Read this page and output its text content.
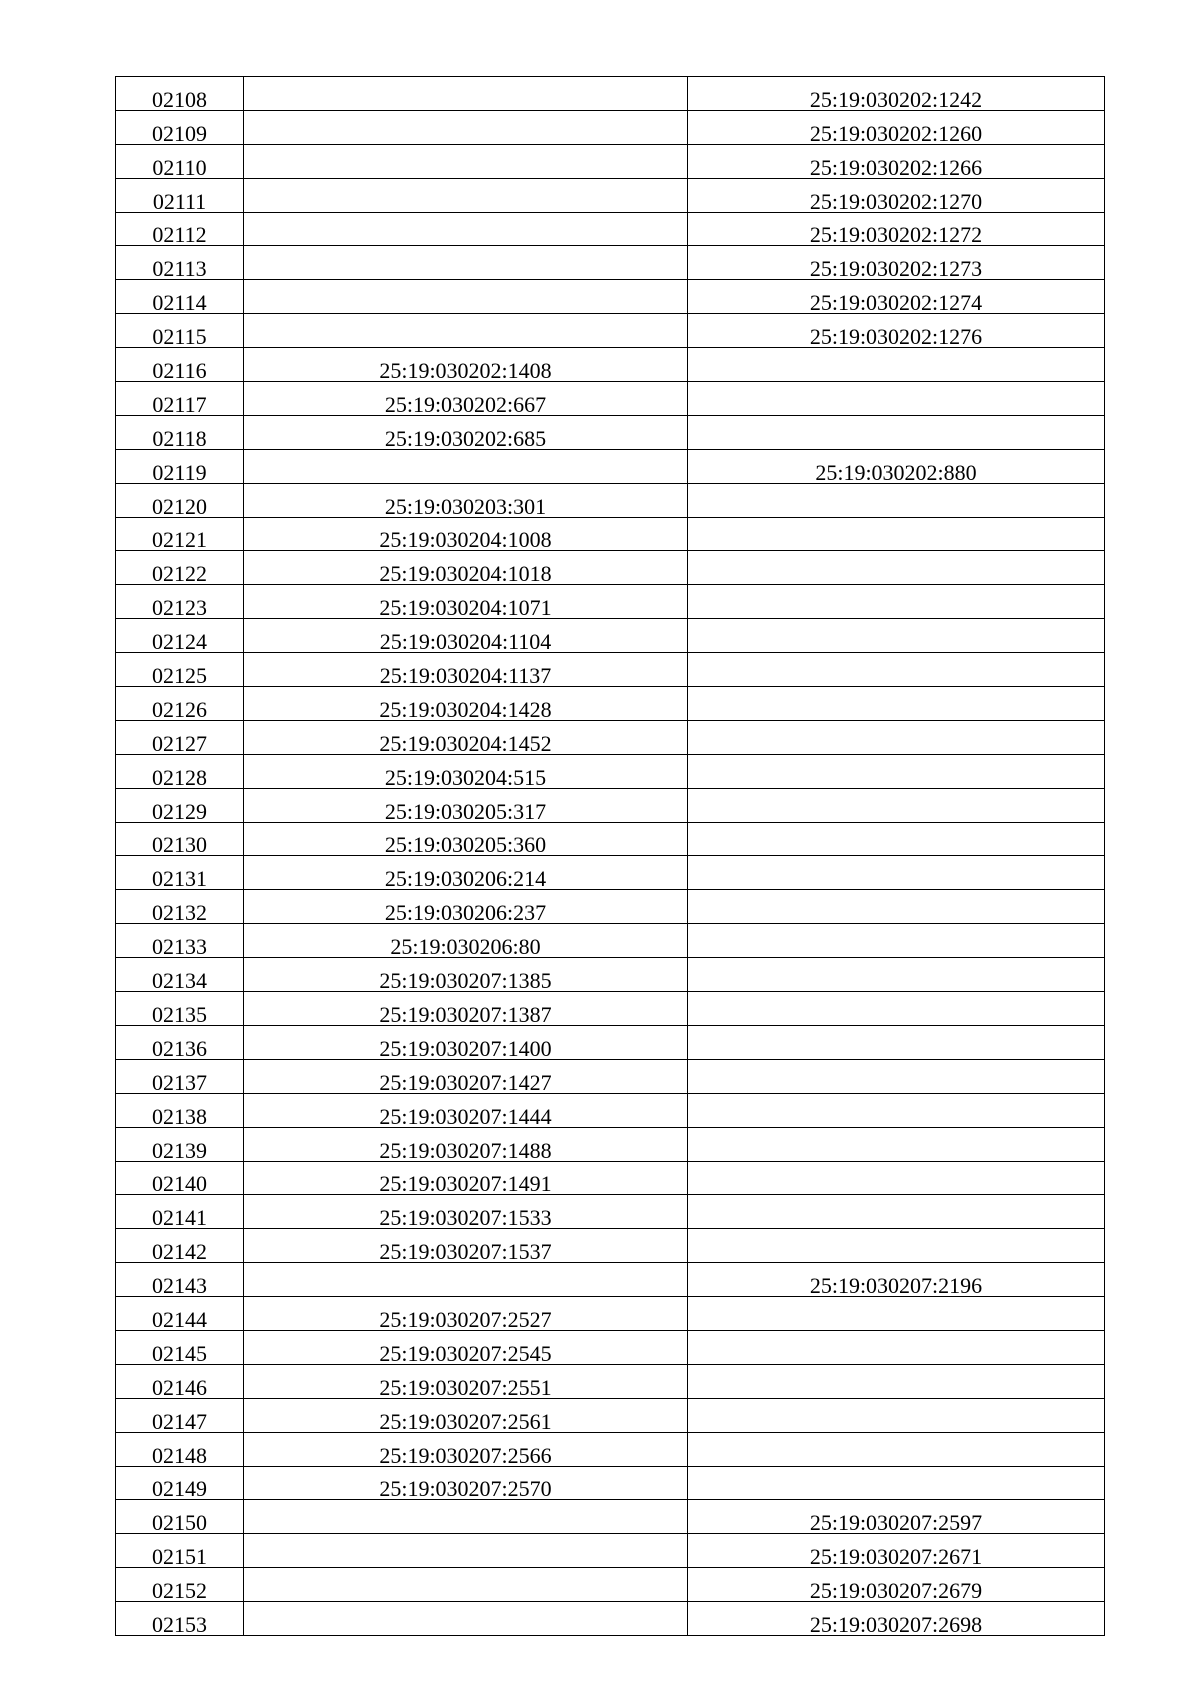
02108		25:19:030202:1242

02109		25:19:030202:1260

02110		25:19:030202:1266

02111		25:19:030202:1270

02112		25:19:030202:1272

02113		25:19:030202:1273

02114		25:19:030202:1274

02115		25:19:030202:1276

02116	25:19:030202:1408	

02117	25:19:030202:667	

02118	25:19:030202:685	

02119		25:19:030202:880

02120	25:19:030203:301	

02121	25:19:030204:1008	

02122	25:19:030204:1018	

02123	25:19:030204:1071	

02124	25:19:030204:1104	

02125	25:19:030204:1137	

02126	25:19:030204:1428	

02127	25:19:030204:1452	

02128	25:19:030204:515	

02129	25:19:030205:317	

02130	25:19:030205:360	

02131	25:19:030206:214	

02132	25:19:030206:237	

02133	25:19:030206:80	

02134	25:19:030207:1385	

02135	25:19:030207:1387	

02136	25:19:030207:1400	

02137	25:19:030207:1427	

02138	25:19:030207:1444	

02139	25:19:030207:1488	

02140	25:19:030207:1491	

02141	25:19:030207:1533	

02142	25:19:030207:1537	

02143		25:19:030207:2196

02144	25:19:030207:2527	

02145	25:19:030207:2545	

02146	25:19:030207:2551	

02147	25:19:030207:2561	

02148	25:19:030207:2566	

02149	25:19:030207:2570	

02150		25:19:030207:2597

02151		25:19:030207:2671

02152		25:19:030207:2679

02153		25:19:030207:2698
